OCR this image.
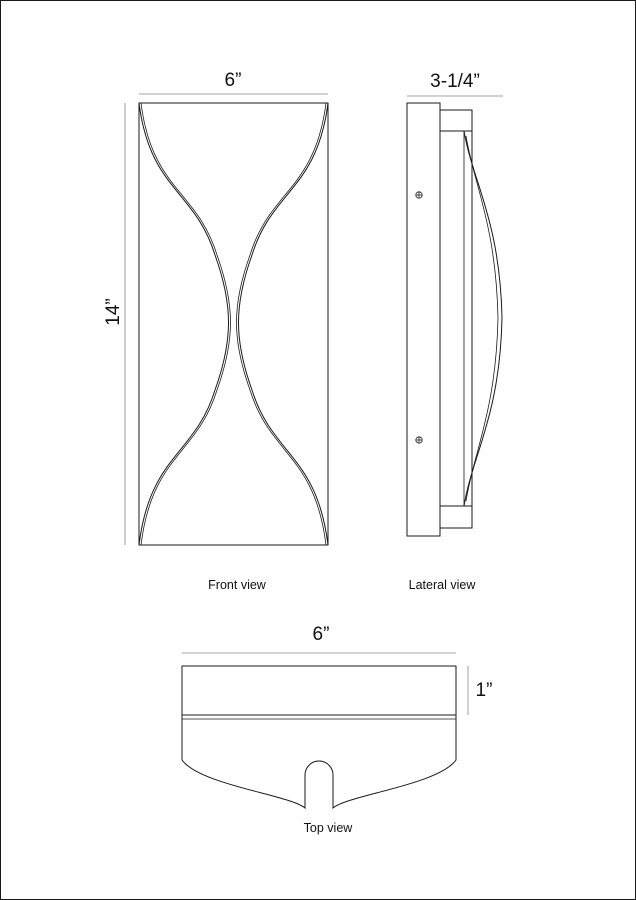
6”
14”
Front view
3-1/4”
Lateral view
6”
1”
Top view
